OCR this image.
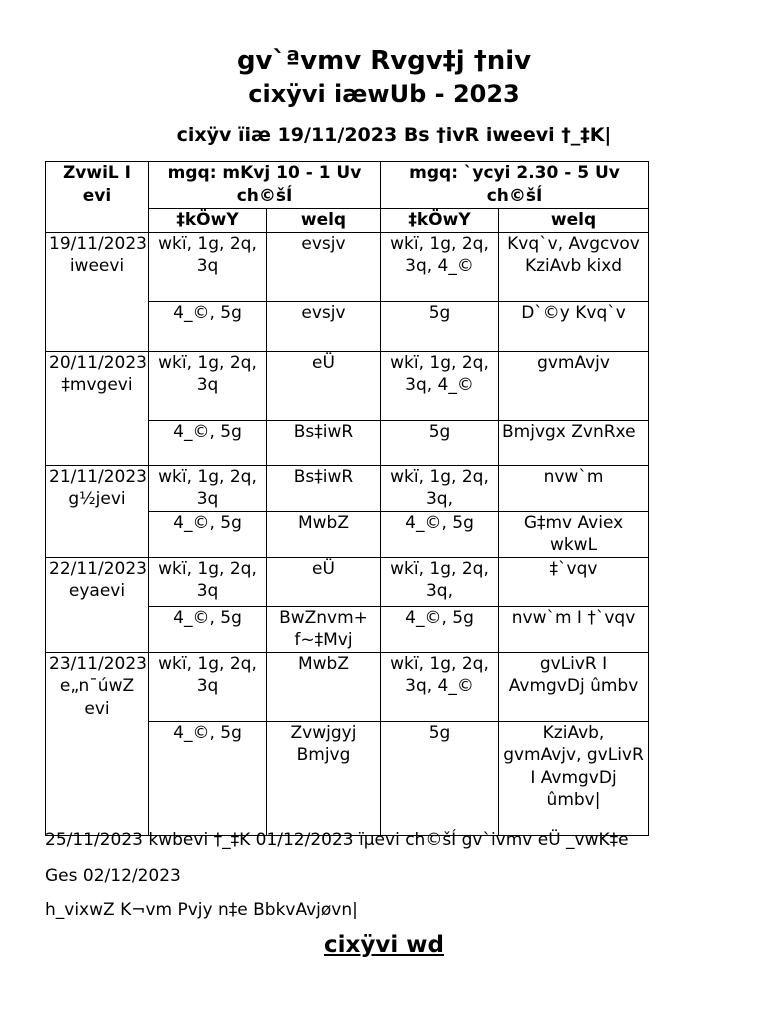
gv`ªvmv Rvgv‡j †niv
cixÿvi iæwUb - 2023
cixÿv ïiæ 19/11/2023 Bs †ivR iweevi †_‡K|
ZvwiL I evi	mgq: mKvj 10 - 1 Uv ch©šÍ		mgq: `ycyi 2.30 - 5 Uv ch©šÍ	
	‡kÖwY	welq	‡kÖwY	welq
19/11/2023 iweevi	wkï, 1g, 2q, 3q	evsjv	wkï, 1g, 2q, 3q, 4_©	Kvq`v, Avgcvov KziAvb kixd
	4_©, 5g	evsjv	5g	D`©y Kvq`v
20/11/2023 ‡mvgevi	wkï, 1g, 2q, 3q	eÜ	wkï, 1g, 2q, 3q, 4_©	gvmAvjv
	4_©, 5g	Bs‡iwR	5g	Bmjvgx ZvnRxe
21/11/2023 g½jevi	wkï, 1g, 2q, 3q	Bs‡iwR	wkï, 1g, 2q, 3q,	nvw`m
	4_©, 5g	MwbZ	4_©, 5g	G‡mv Aviex wkwL
22/11/2023 eyaevi	wkï, 1g, 2q, 3q	eÜ	wkï, 1g, 2q, 3q,	‡`vqv
	4_©, 5g	BwZnvm+ f~‡Mvj	4_©, 5g	nvw`m I †`vqv
23/11/2023 e„n¯úwZ evi	wkï, 1g, 2q, 3q	MwbZ	wkï, 1g, 2q, 3q, 4_©	gvLivR I AvmgvDj ûmbv
	4_©, 5g	Zvwjgyj Bmjvg	5g	KziAvb, gvmAvjv, gvLivR I AvmgvDj ûmbv|
25/11/2023 kwbevi †_‡K 01/12/2023 ïµevi ch©šÍ gv`ivmv eÜ _vwK‡e
Ges 02/12/2023
h_vixwZ K¬vm Pvjy n‡e BbkvAvjøvn|
cixÿvi wd
